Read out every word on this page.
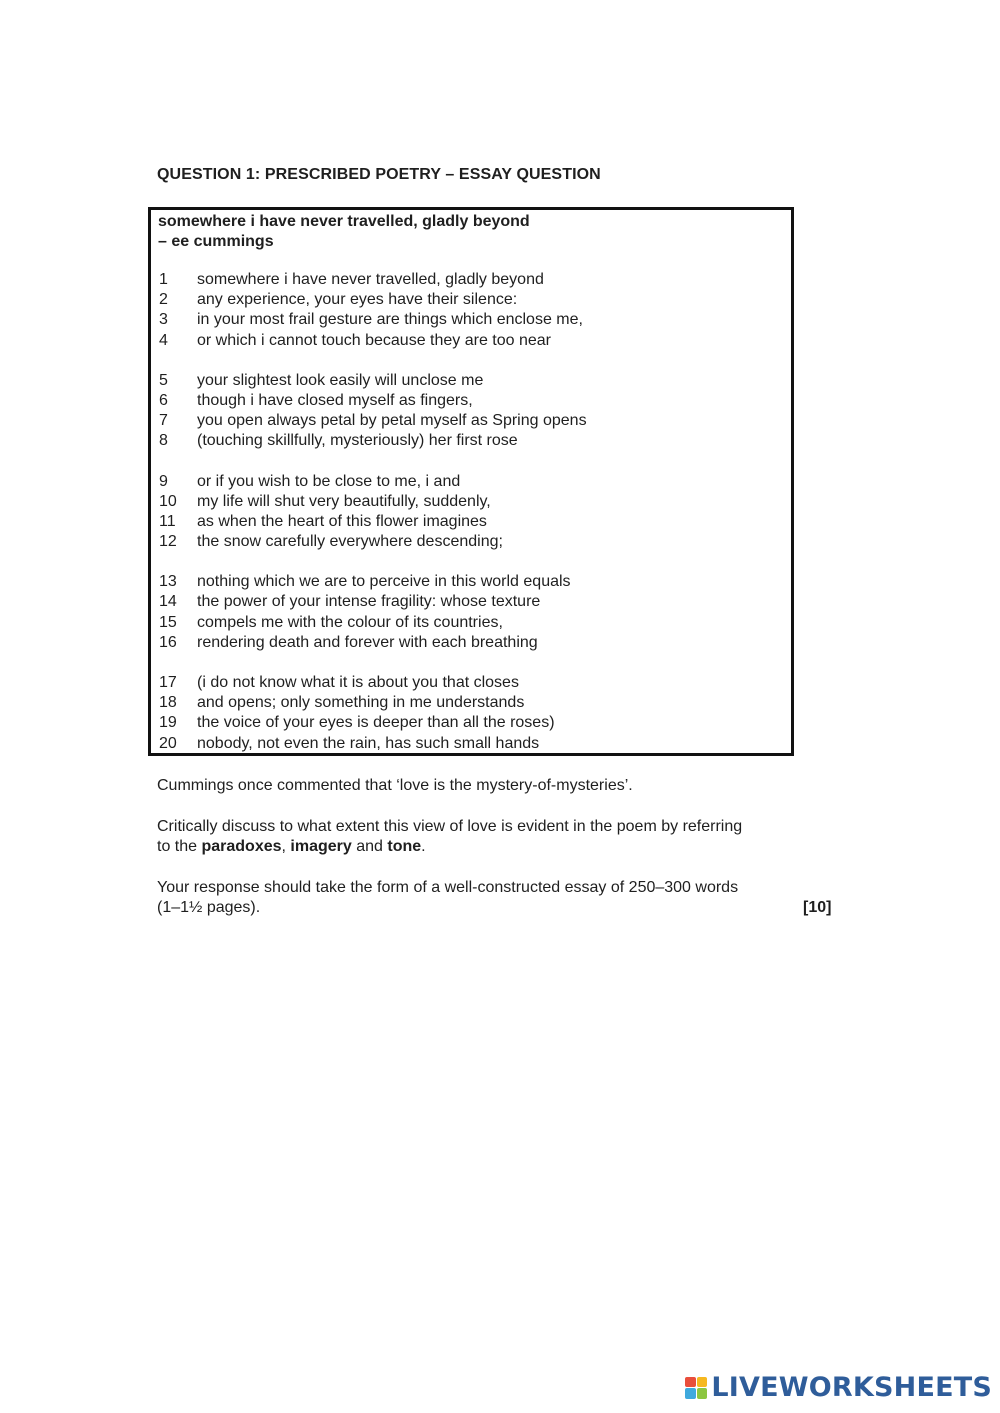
QUESTION 1: PRESCRIBED POETRY – ESSAY QUESTION
somewhere i have never travelled, gladly beyond
– ee cummings
1 somewhere i have never travelled, gladly beyond
2 any experience, your eyes have their silence:
3 in your most frail gesture are things which enclose me,
4 or which i cannot touch because they are too near
5 your slightest look easily will unclose me
6 though i have closed myself as fingers,
7 you open always petal by petal myself as Spring opens
8 (touching skillfully, mysteriously) her first rose
9 or if you wish to be close to me, i and
10 my life will shut very beautifully, suddenly,
11 as when the heart of this flower imagines
12 the snow carefully everywhere descending;
13 nothing which we are to perceive in this world equals
14 the power of your intense fragility: whose texture
15 compels me with the colour of its countries,
16 rendering death and forever with each breathing
17 (i do not know what it is about you that closes
18 and opens; only something in me understands
19 the voice of your eyes is deeper than all the roses)
20 nobody, not even the rain, has such small hands
Cummings once commented that ‘love is the mystery-of-mysteries’.
Critically discuss to what extent this view of love is evident in the poem by referring
to the paradoxes, imagery and tone.
Your response should take the form of a well-constructed essay of 250–300 words
(1–1½ pages).	[10]
LIVEWORKSHEETS
